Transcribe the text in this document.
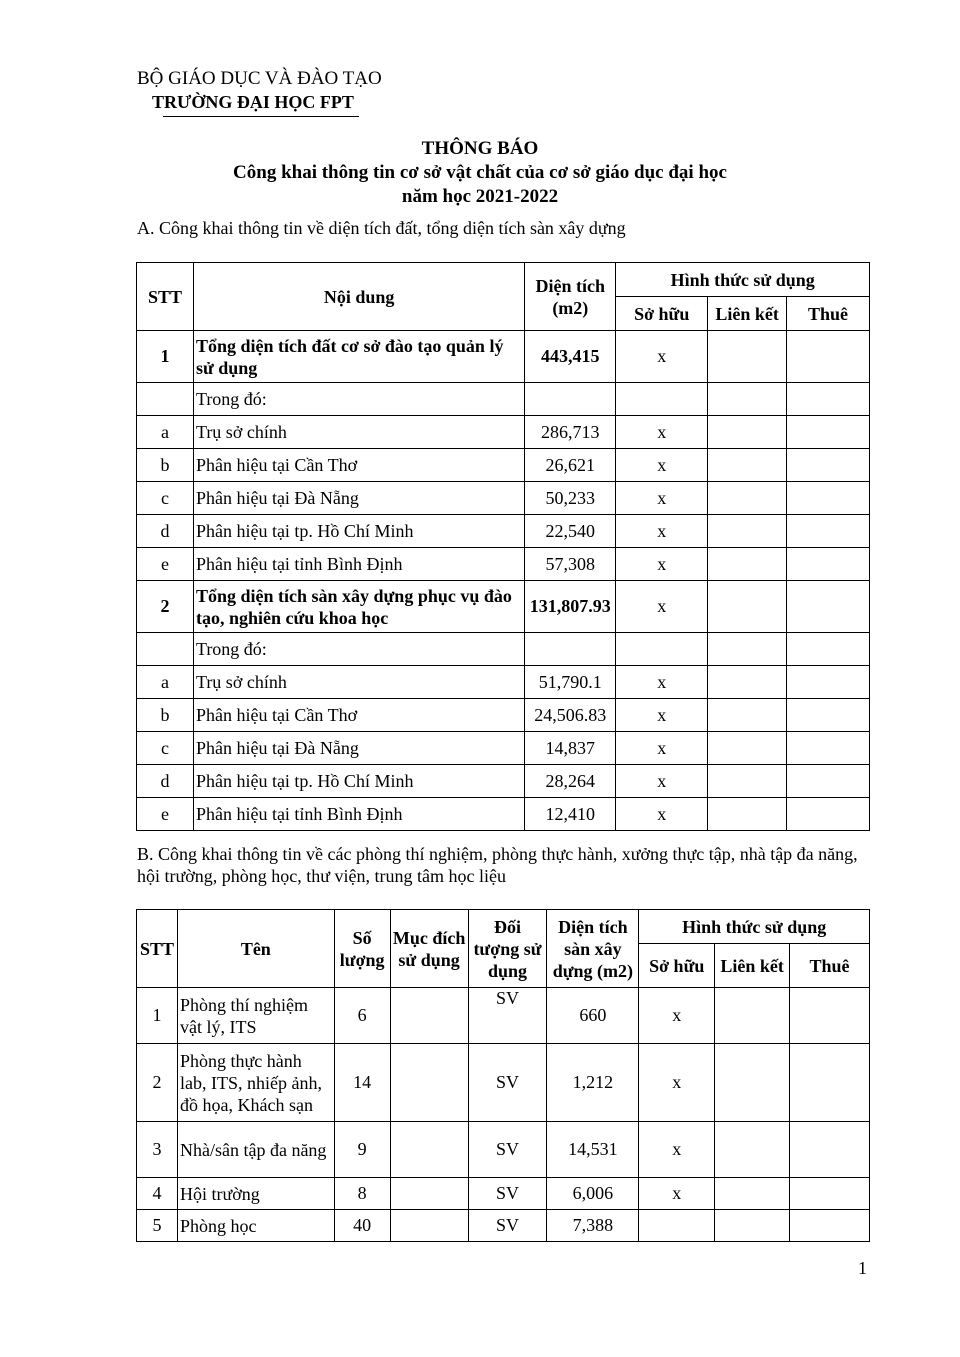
BỘ GIÁO DỤC VÀ ĐÀO TẠO
TRƯỜNG ĐẠI HỌC FPT
THÔNG BÁO
Công khai thông tin cơ sở vật chất của cơ sở giáo dục đại học
năm học 2021-2022
A. Công khai thông tin về diện tích đất, tổng diện tích sàn xây dựng
STT	Nội dung	Diện tích (m2)	Hình thức sử dụng		
			Sở hữu	Liên kết	Thuê
1	Tổng diện tích đất cơ sở đào tạo quản lý sử dụng	443,415	x		
	Trong đó:				
a	Trụ sở chính	286,713	x		
b	Phân hiệu tại Cần Thơ	26,621	x		
c	Phân hiệu tại Đà Nẵng	50,233	x		
d	Phân hiệu tại tp. Hồ Chí Minh	22,540	x		
e	Phân hiệu tại tỉnh Bình Định	57,308	x		
2	Tổng diện tích sàn xây dựng phục vụ đào tạo, nghiên cứu khoa học	131,807.93	x		
	Trong đó:				
a	Trụ sở chính	51,790.1	x		
b	Phân hiệu tại Cần Thơ	24,506.83	x		
c	Phân hiệu tại Đà Nẵng	14,837	x		
d	Phân hiệu tại tp. Hồ Chí Minh	28,264	x		
e	Phân hiệu tại tỉnh Bình Định	12,410	x		
B. Công khai thông tin về các phòng thí nghiệm, phòng thực hành, xưởng thực tập, nhà tập đa năng, hội trường, phòng học, thư viện, trung tâm học liệu
STT	Tên	Số lượng	Mục đích sử dụng	Đối tượng sử dụng	Diện tích sàn xây dựng (m2)	Hình thức sử dụng		
						Sở hữu	Liên kết	Thuê
1	Phòng thí nghiệm vật lý, ITS	6		SV	660	x		
2	Phòng thực hành lab, ITS, nhiếp ảnh, đồ họa, Khách sạn	14		SV	1,212	x		
3	Nhà/sân tập đa năng	9		SV	14,531	x		
4	Hội trường	8		SV	6,006	x		
5	Phòng học	40		SV	7,388			
1
